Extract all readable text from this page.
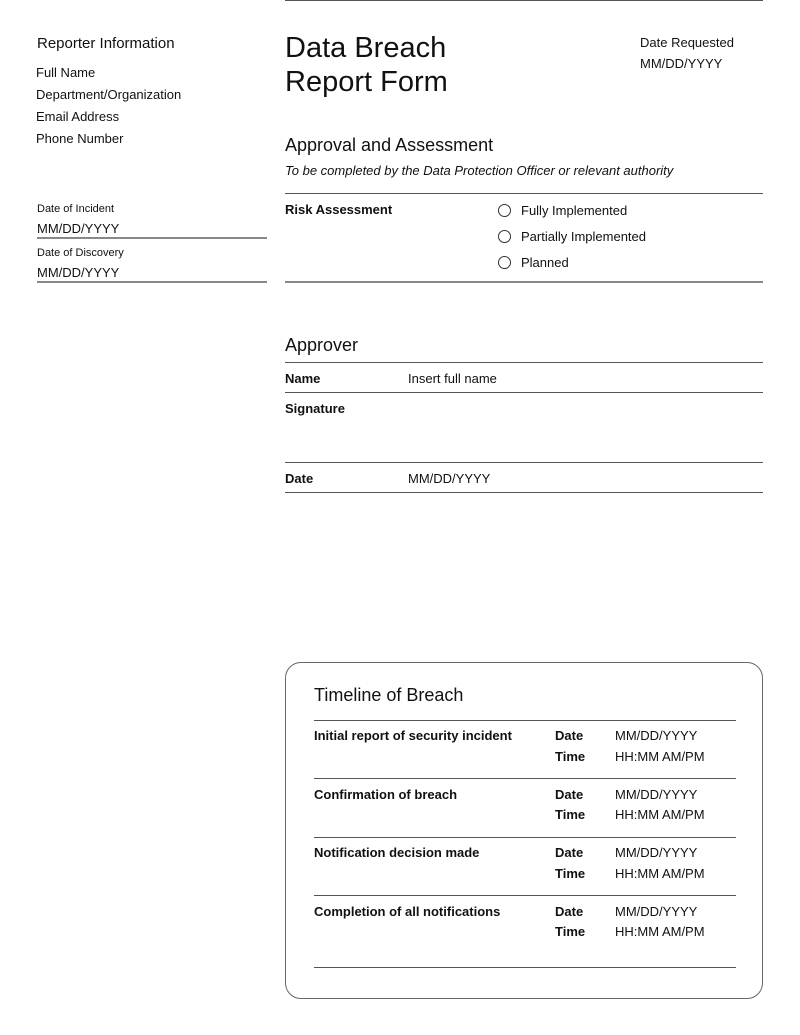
Reporter Information
Full Name
Department/Organization
Email Address
Phone Number
Date of Incident
MM/DD/YYYY
Date of Discovery
MM/DD/YYYY
Data Breach
Report Form
Date Requested
MM/DD/YYYY
Approval and Assessment
To be completed by the Data Protection Officer or relevant authority
Risk Assessment	Fully Implemented
Partially Implemented
Planned
Approver
Name	Insert full name
Signature
Date	MM/DD/YYYY
Timeline of Breach
Initial report of security incident	Date MM/DD/YYYY
Time HH:MM AM/PM
Confirmation of breach	Date MM/DD/YYYY
Time HH:MM AM/PM
Notification decision made	Date MM/DD/YYYY
Time HH:MM AM/PM
Completion of all notifications	Date MM/DD/YYYY
Time HH:MM AM/PM
